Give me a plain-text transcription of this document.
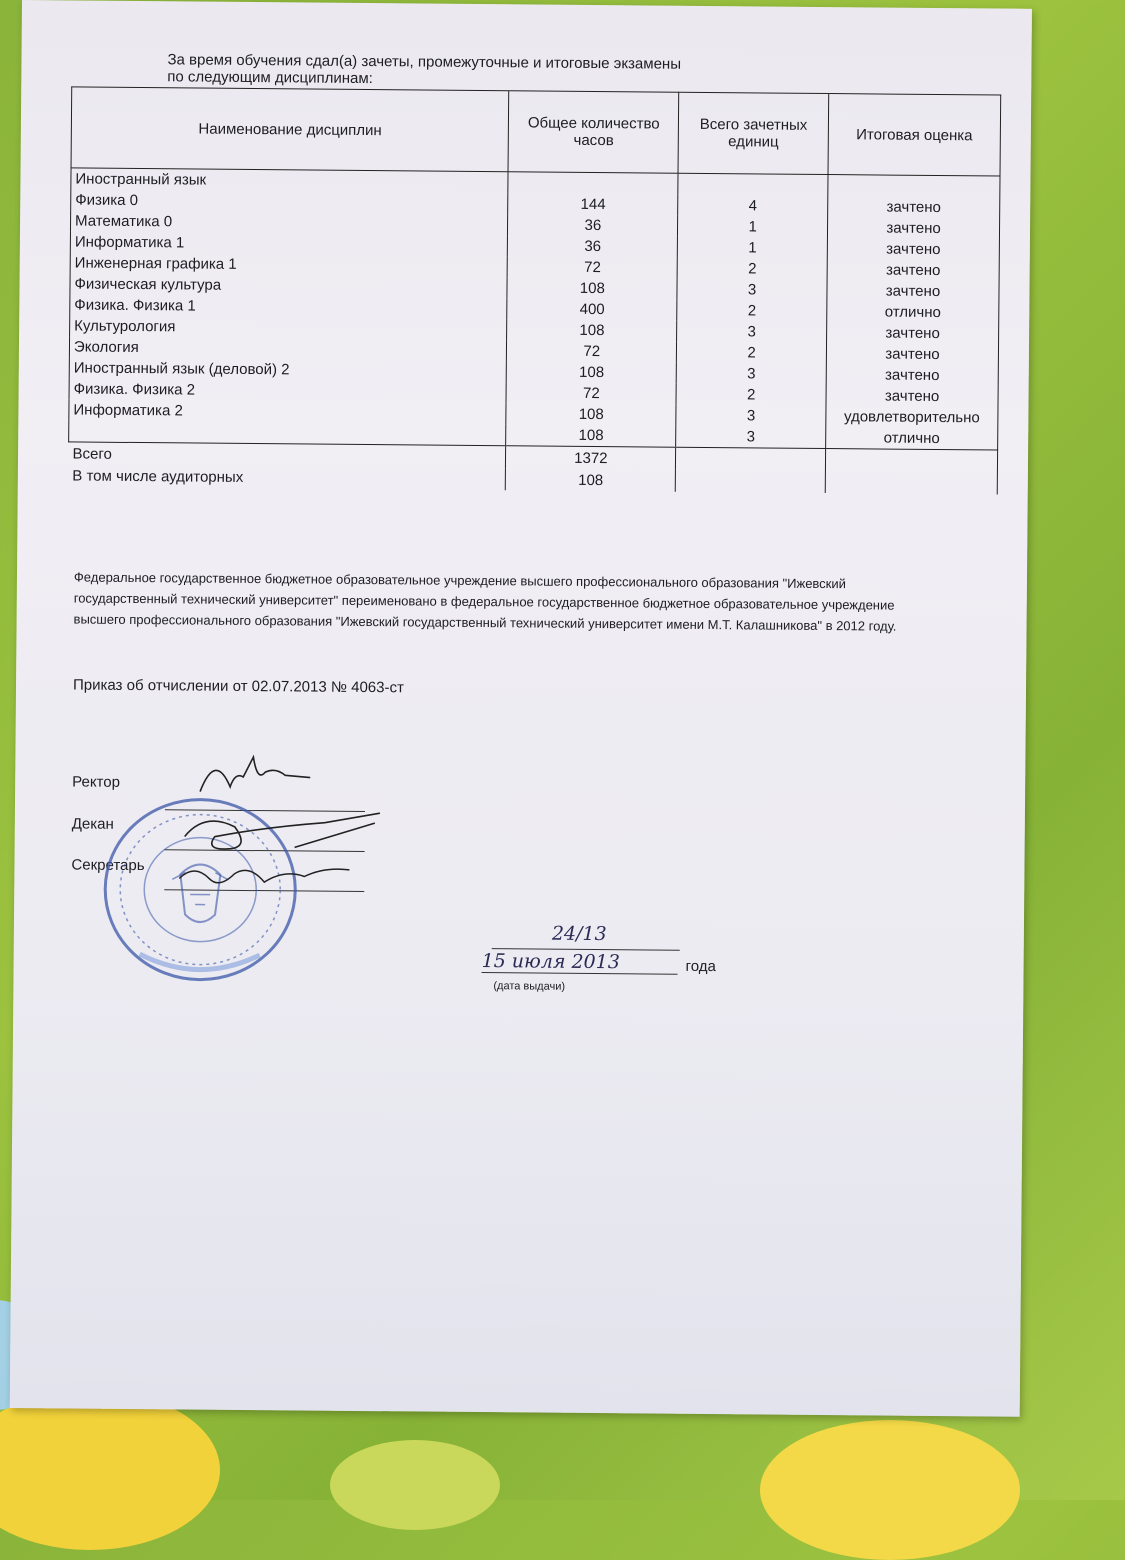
За время обучения сдал(а) зачеты, промежуточные и итоговые экзамены
по следующим дисциплинам:
Наименование дисциплин	Общее количество часов	Всего зачетных единиц	Итоговая оценка
Иностранный язык			
Физика 0	144	4	зачтено
Математика 0	36	1	зачтено
Информатика 1	36	1	зачтено
Инженерная графика 1	72	2	зачтено
Физическая культура	108	3	зачтено
Физика. Физика 1	400	2	отлично
Культурология	108	3	зачтено
Экология	72	2	зачтено
Иностранный язык (деловой) 2	108	3	зачтено
Физика. Физика 2	72	2	зачтено
Информатика 2	108	3	удовлетворительно
	108	3	отлично
Всего	1372		
В том числе аудиторных	108		
Федеральное государственное бюджетное образовательное учреждение высшего профессионального образования "Ижевский государственный технический университет" переименовано в федеральное государственное бюджетное образовательное учреждение высшего профессионального образования "Ижевский государственный технический университет имени М.Т. Калашникова" в 2012 году.
Приказ об отчислении от 02.07.2013 № 4063-ст
Ректор
Декан
Секретарь
24/13
15 июля 2013	года
(дата выдачи)
